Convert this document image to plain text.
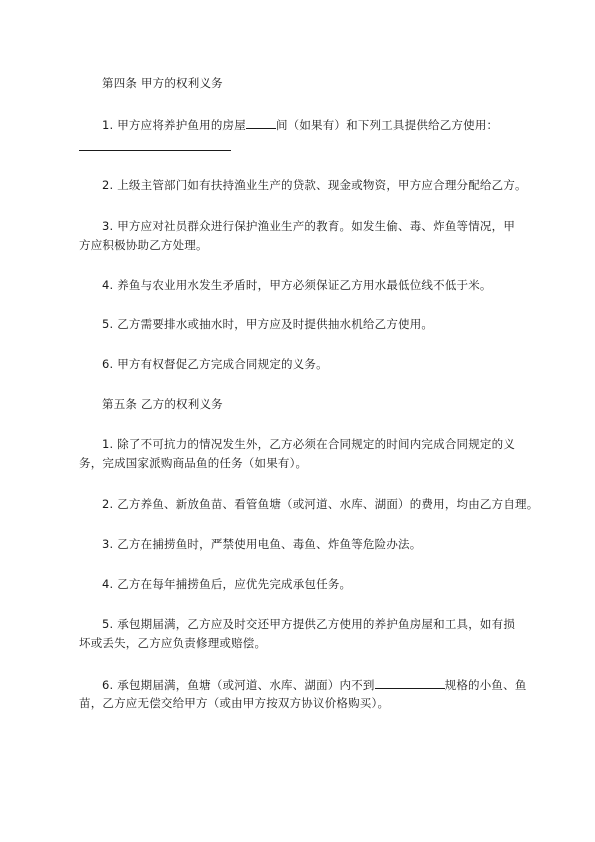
第四条 甲方的权利义务
1. 甲方应将养护鱼用的房屋	间（如果有）和下列工具提供给乙方使用：
2. 上级主管部门如有扶持渔业生产的贷款、现金或物资，甲方应合理分配给乙方。
3. 甲方应对社员群众进行保护渔业生产的教育。如发生偷、毒、炸鱼等情况，甲
方应积极协助乙方处理。
4. 养鱼与农业用水发生矛盾时，甲方必须保证乙方用水最低位线不低于米。
5. 乙方需要排水或抽水时，甲方应及时提供抽水机给乙方使用。
6. 甲方有权督促乙方完成合同规定的义务。
第五条 乙方的权利义务
1. 除了不可抗力的情况发生外，乙方必须在合同规定的时间内完成合同规定的义
务，完成国家派购商品鱼的任务（如果有）。
2. 乙方养鱼、新放鱼苗、看管鱼塘（或河道、水库、湖面）的费用，均由乙方自理。
3. 乙方在捕捞鱼时，严禁使用电鱼、毒鱼、炸鱼等危险办法。
4. 乙方在每年捕捞鱼后，应优先完成承包任务。
5. 承包期届满，乙方应及时交还甲方提供乙方使用的养护鱼房屋和工具，如有损
坏或丢失，乙方应负责修理或赔偿。
6. 承包期届满，鱼塘（或河道、水库、湖面）内不到	规格的小鱼、鱼
苗，乙方应无偿交给甲方（或由甲方按双方协议价格购买）。
